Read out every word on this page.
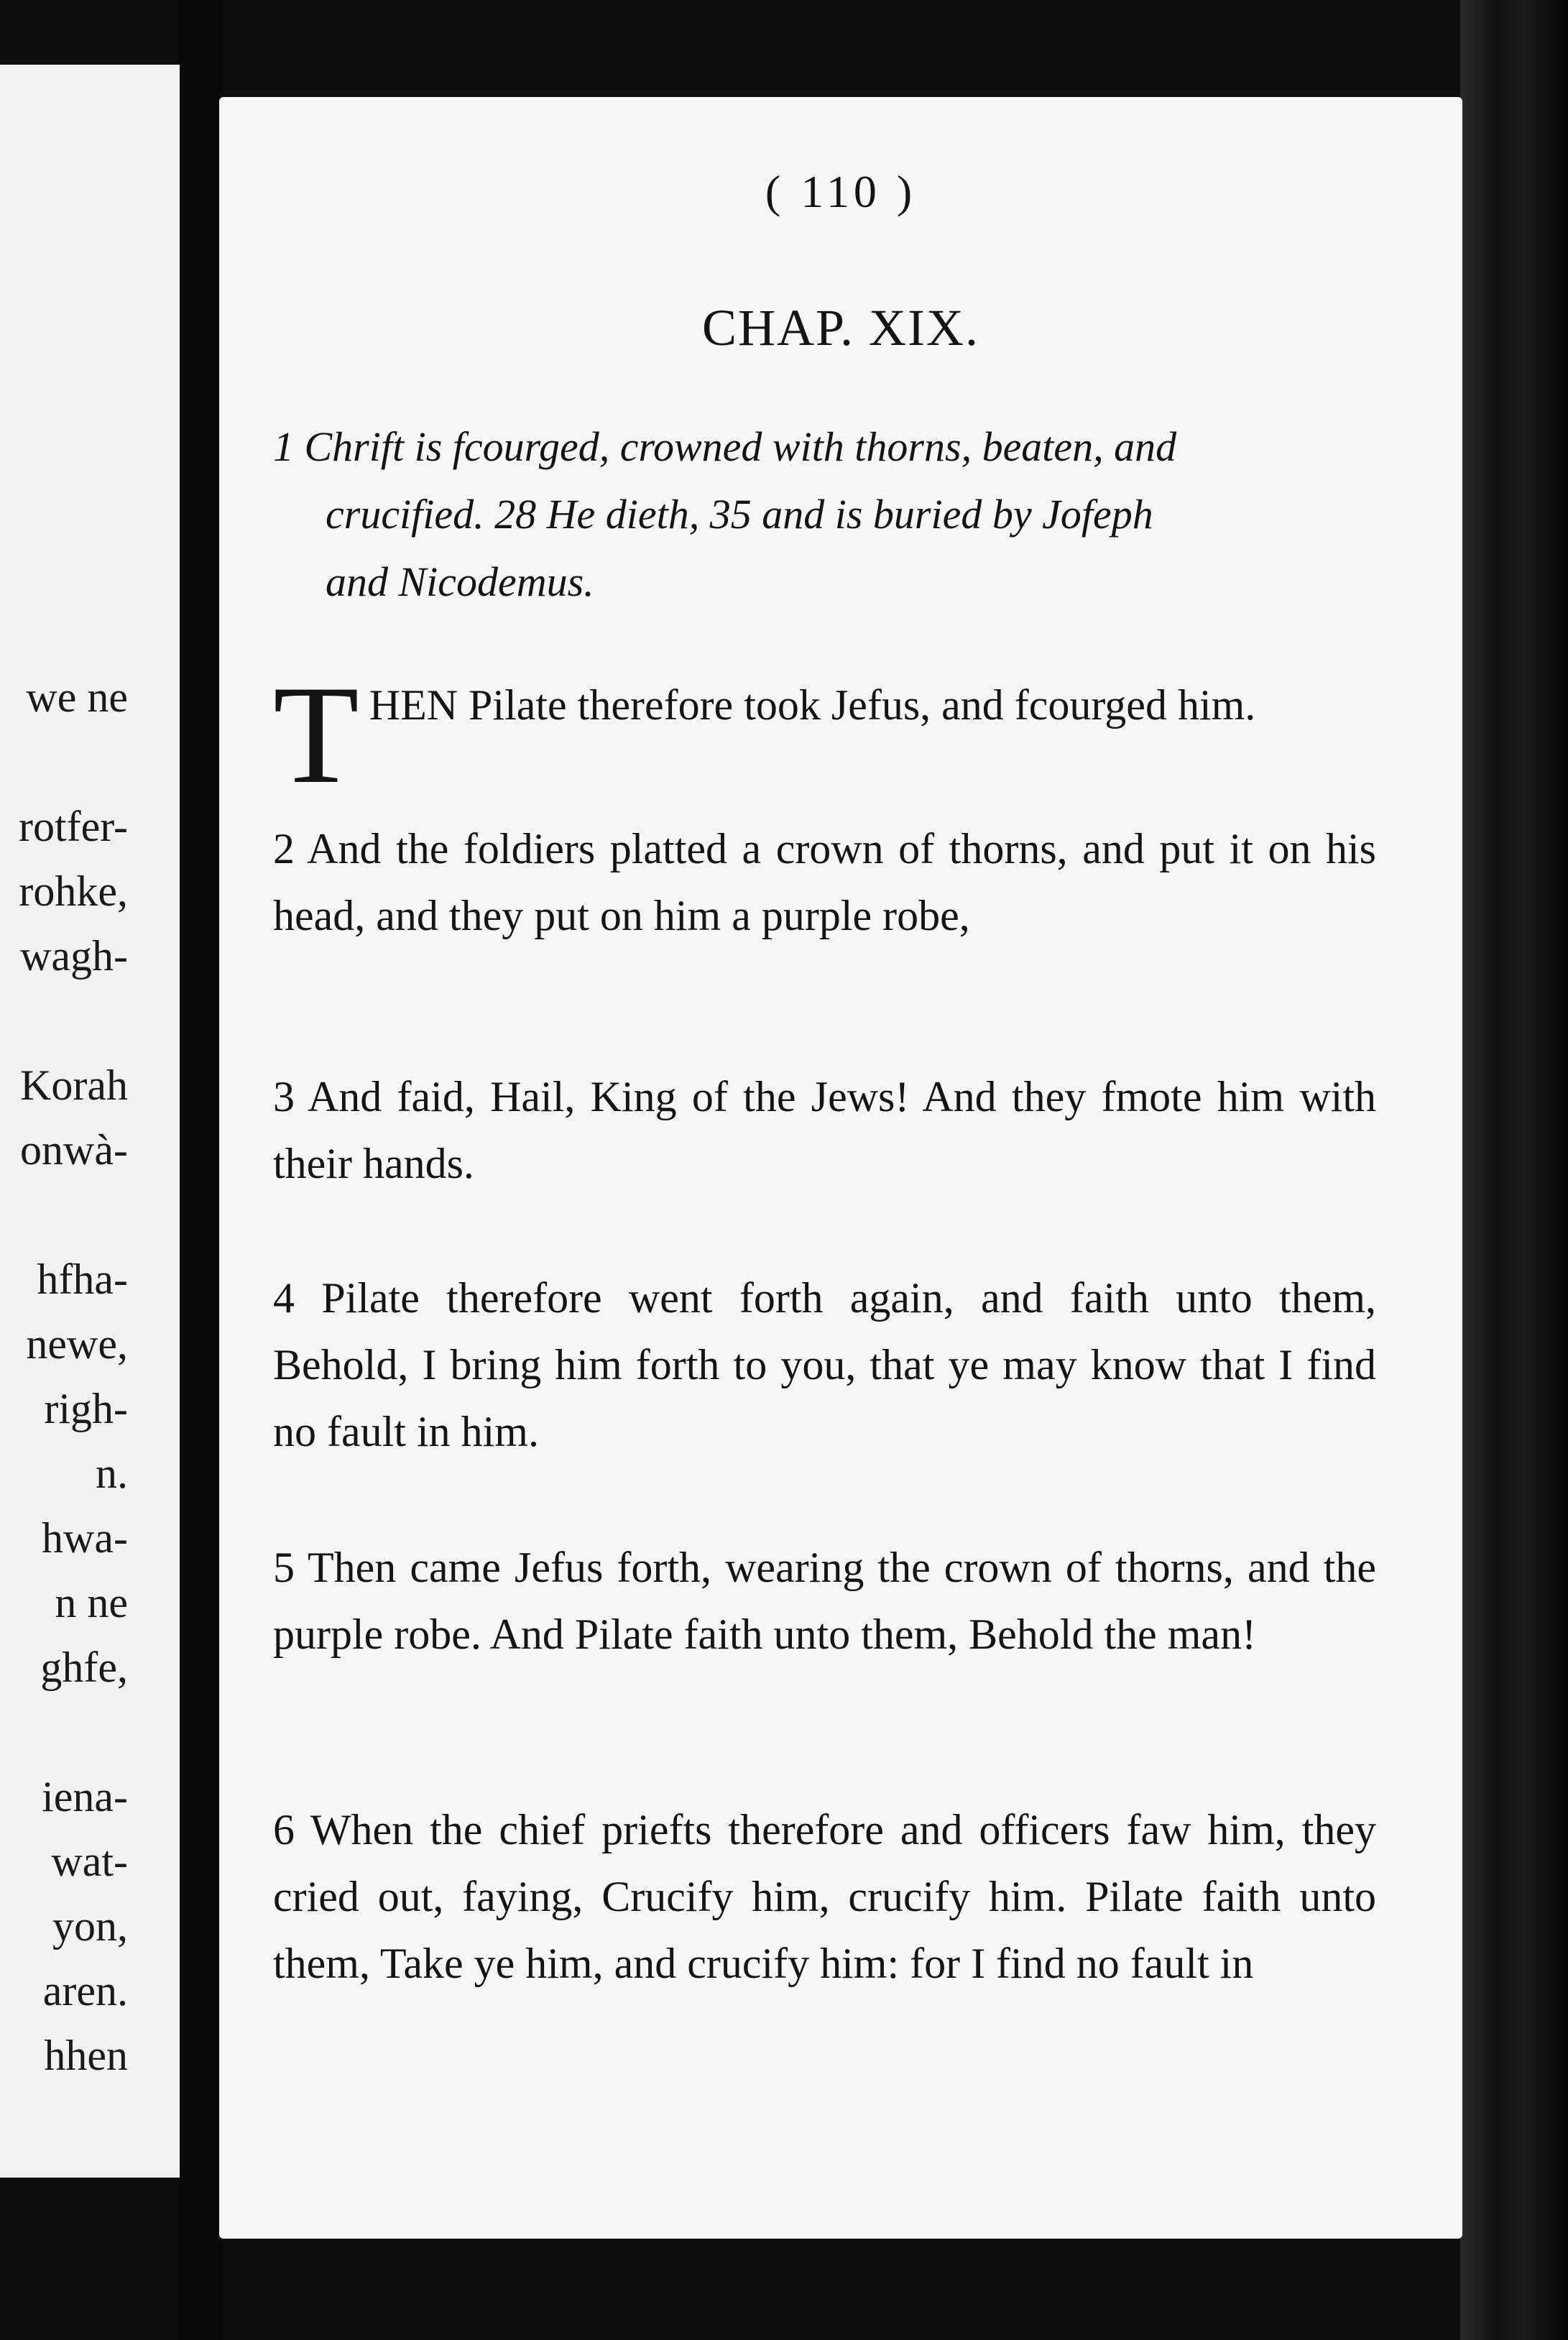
we ne
rotfer-
rohke,
wagh-
Korah
onwà-
hfha-
newe,
righ-
n.
hwa-
n ne
ghfe,
iena-
wat-
yon,
aren.
hhen
( 110 )
CHAP. XIX.
1 Chrift is fcourged, crowned with thorns, beaten, and
crucified. 28 He dieth, 35 and is buried by Jofeph
and Nicodemus.
T HEN Pilate therefore took Jefus, and fcourged him.
2 And the foldiers platted a crown of thorns, and put it on his head, and they put on him a purple robe,
3 And faid, Hail, King of the Jews! And they fmote him with their hands.
4 Pilate therefore went forth again, and faith unto them, Behold, I bring him forth to you, that ye may know that I find no fault in him.
5 Then came Jefus forth, wearing the crown of thorns, and the purple robe. And Pilate faith unto them, Behold the man!
6 When the chief priefts therefore and officers faw him, they cried out, faying, Crucify him, crucify him. Pilate faith unto them, Take ye him, and crucify him: for I find no fault in
